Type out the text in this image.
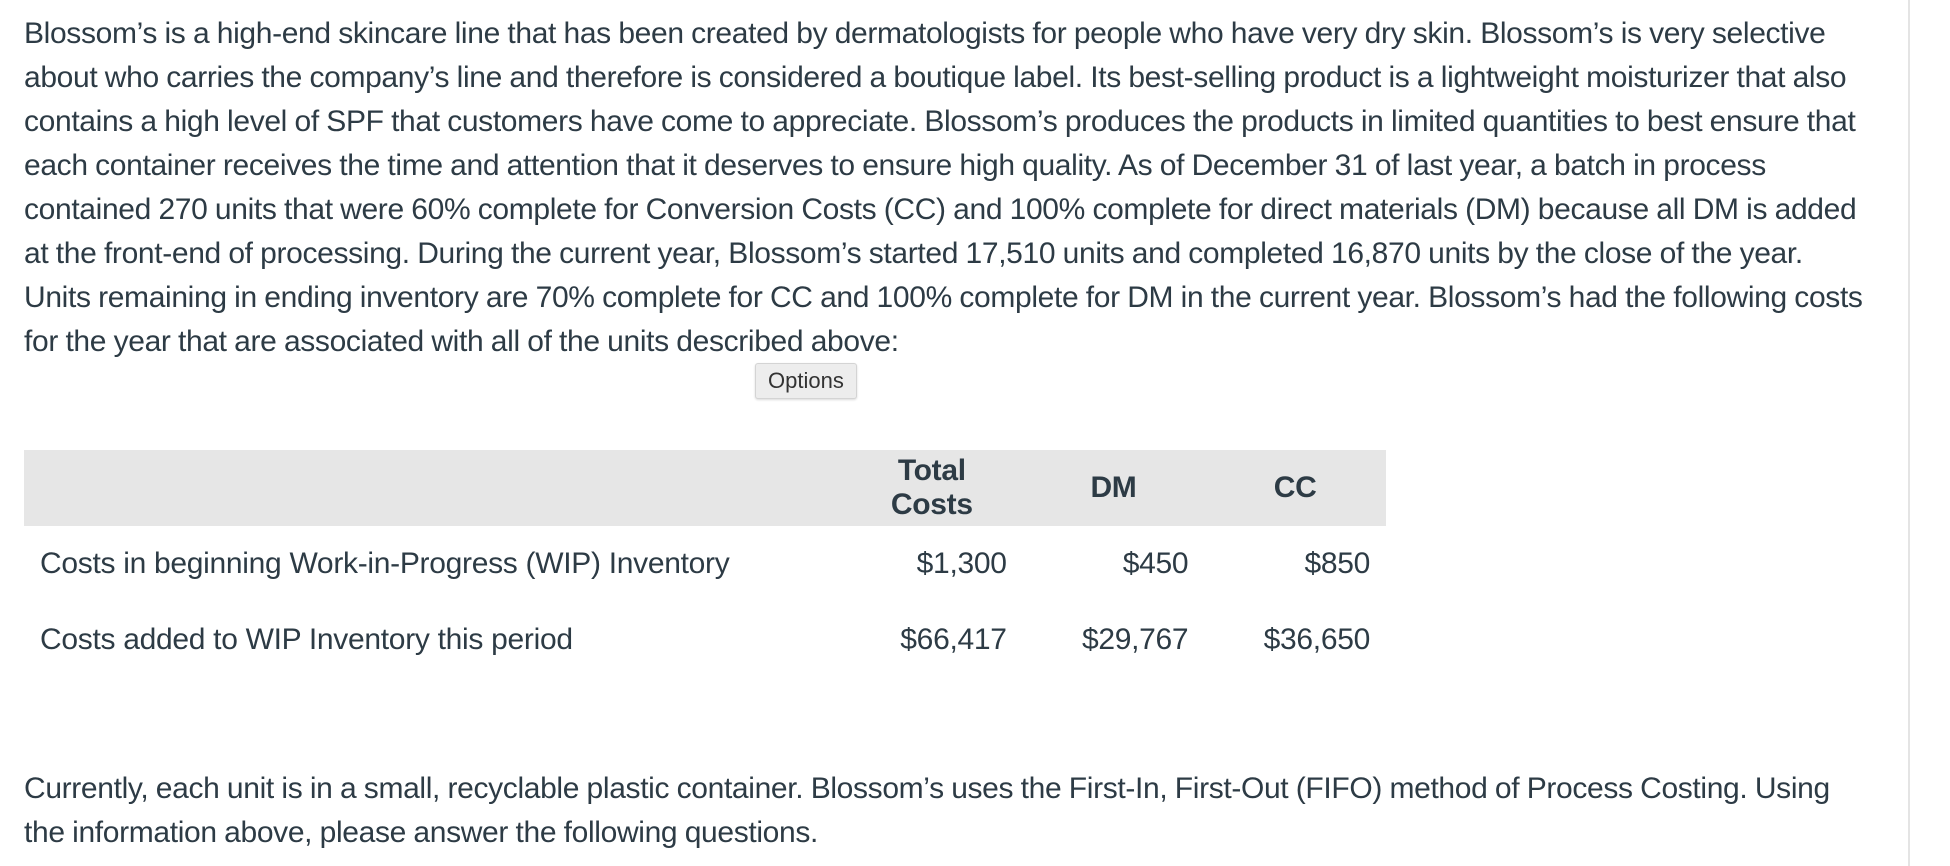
Blossom’s is a high-end skincare line that has been created by dermatologists for people who have very dry skin. Blossom’s is very selective about who carries the company’s line and therefore is considered a boutique label. Its best-selling product is a lightweight moisturizer that also contains a high level of SPF that customers have come to appreciate. Blossom’s produces the products in limited quantities to best ensure that each container receives the time and attention that it deserves to ensure high quality. As of December 31 of last year, a batch in process contained 270 units that were 60% complete for Conversion Costs (CC) and 100% complete for direct materials (DM) because all DM is added at the front-end of processing. During the current year, Blossom’s started 17,510 units and completed 16,870 units by the close of the year. Units remaining in ending inventory are 70% complete for CC and 100% complete for DM in the current year. Blossom’s had the following costs for the year that are associated with all of the units described above:

Options
	Total Costs	DM	CC
Costs in beginning Work-in-Progress (WIP) Inventory	$1,300	$450	$850
Costs added to WIP Inventory this period	$66,417	$29,767	$36,650

Currently, each unit is in a small, recyclable plastic container. Blossom’s uses the First-In, First-Out (FIFO) method of Process Costing. Using the information above, please answer the following questions.
